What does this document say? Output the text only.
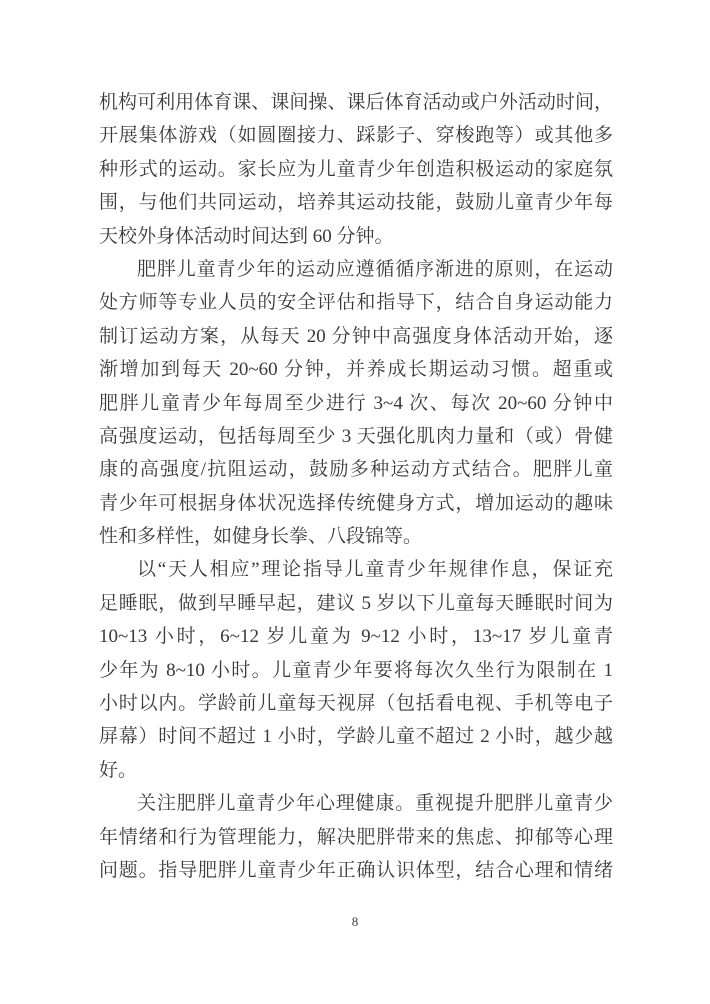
机构可利用体育课、课间操、课后体育活动或户外活动时间，
开展集体游戏（如圆圈接力、踩影子、穿梭跑等）或其他多
种形式的运动。家长应为儿童青少年创造积极运动的家庭氛
围，与他们共同运动，培养其运动技能，鼓励儿童青少年每
天校外身体活动时间达到 60 分钟。
肥胖儿童青少年的运动应遵循循序渐进的原则，在运动
处方师等专业人员的安全评估和指导下，结合自身运动能力
制订运动方案，从每天 20 分钟中高强度身体活动开始，逐
渐增加到每天 20~60 分钟，并养成长期运动习惯。超重或
肥胖儿童青少年每周至少进行 3~4 次、每次 20~60 分钟中
高强度运动，包括每周至少 3 天强化肌肉力量和（或）骨健
康的高强度/抗阻运动，鼓励多种运动方式结合。肥胖儿童
青少年可根据身体状况选择传统健身方式，增加运动的趣味
性和多样性，如健身长拳、八段锦等。
以“天人相应”理论指导儿童青少年规律作息，保证充
足睡眠，做到早睡早起，建议 5 岁以下儿童每天睡眠时间为
10~13 小时，6~12 岁儿童为 9~12 小时，13~17 岁儿童青
少年为 8~10 小时。儿童青少年要将每次久坐行为限制在 1
小时以内。学龄前儿童每天视屏（包括看电视、手机等电子
屏幕）时间不超过 1 小时，学龄儿童不超过 2 小时，越少越
好。
关注肥胖儿童青少年心理健康。重视提升肥胖儿童青少
年情绪和行为管理能力，解决肥胖带来的焦虑、抑郁等心理
问题。指导肥胖儿童青少年正确认识体型，结合心理和情绪
8
